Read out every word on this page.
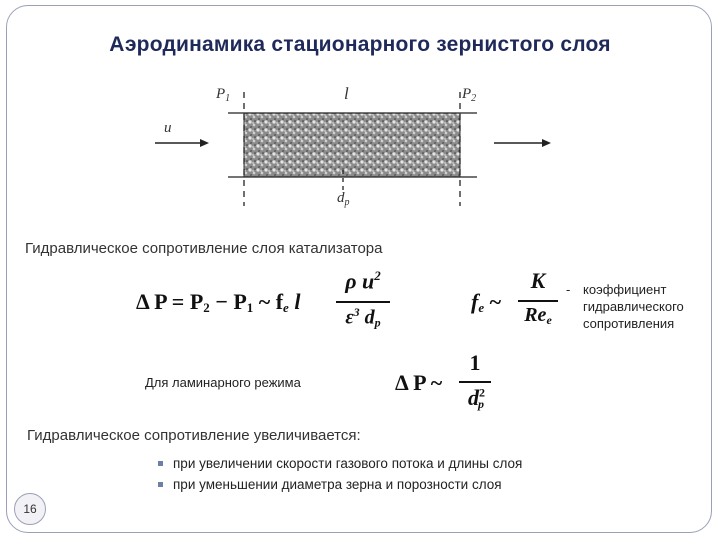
Аэродинамика стационарного зернистого слоя
$P_1$	l	$P_2$
u
$d_p$
Гидравлическое сопротивление слоя катализатора
Δ $P = P_2 - P_1$ ~ $f_e$ l
ρ $u^2$
$\varepsilon^3$ $d_p$
$f_e$ ~
K
$Re_e$
- коэффициент
гидравлического
сопротивления
Для ламинарного режима	Δ P ~
1
$d^2_p$
Гидравлическое сопротивление увеличивается:
при увеличении скорости газового потока и длины слоя
при уменьшении диаметра зерна и порозности слоя
16
